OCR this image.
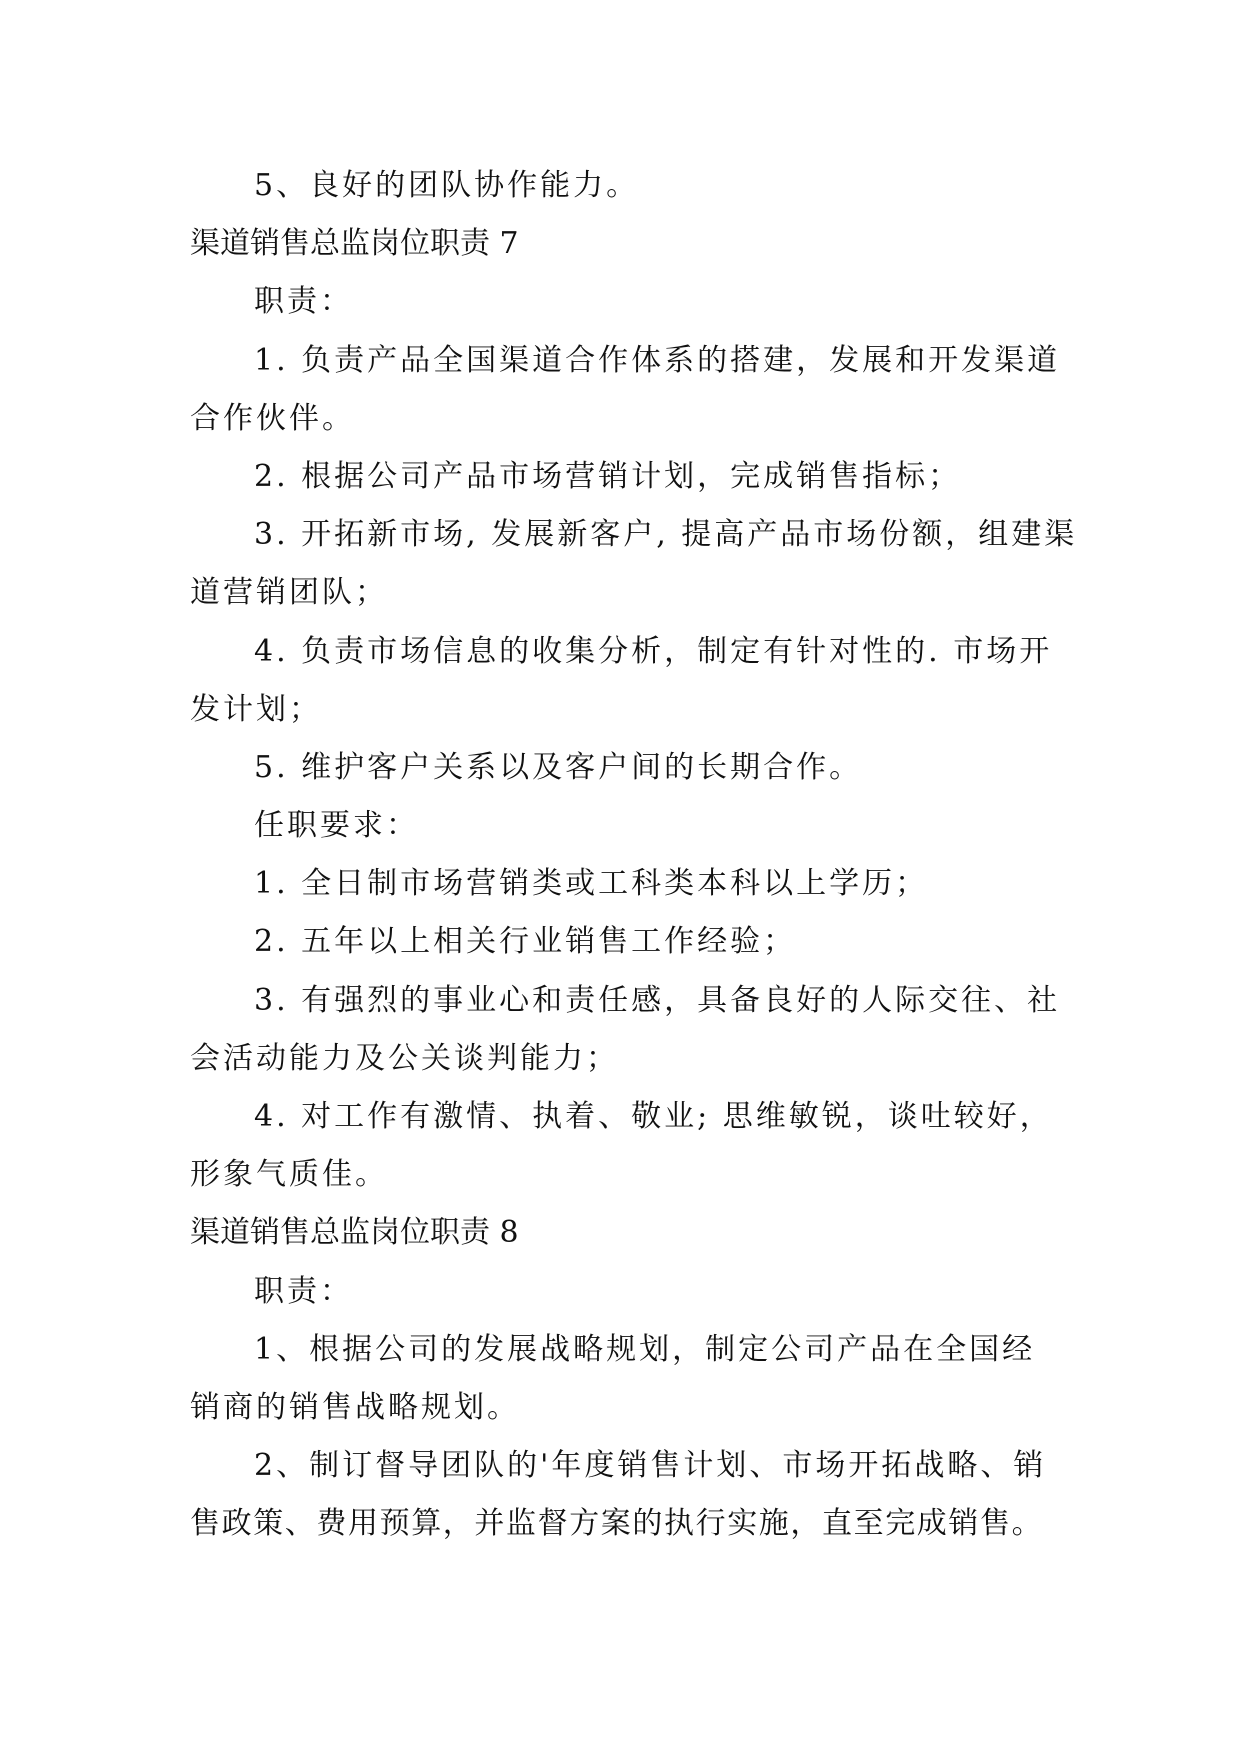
5、良好的团队协作能力。
渠道销售总监岗位职责 7
职责：
1. 负责产品全国渠道合作体系的搭建，发展和开发渠道
合作伙伴。
2. 根据公司产品市场营销计划，完成销售指标；
3. 开拓新市场, 发展新客户, 提高产品市场份额，组建渠
道营销团队；
4. 负责市场信息的收集分析，制定有针对性的. 市场开
发计划；
5. 维护客户关系以及客户间的长期合作。
任职要求：
1. 全日制市场营销类或工科类本科以上学历；
2. 五年以上相关行业销售工作经验；
3. 有强烈的事业心和责任感，具备良好的人际交往、社
会活动能力及公关谈判能力；
4. 对工作有激情、执着、敬业; 思维敏锐，谈吐较好，
形象气质佳。
渠道销售总监岗位职责 8
职责：
1、根据公司的发展战略规划，制定公司产品在全国经
销商的销售战略规划。
2、制订督导团队的'年度销售计划、市场开拓战略、销
售政策、费用预算，并监督方案的执行实施，直至完成销售。
